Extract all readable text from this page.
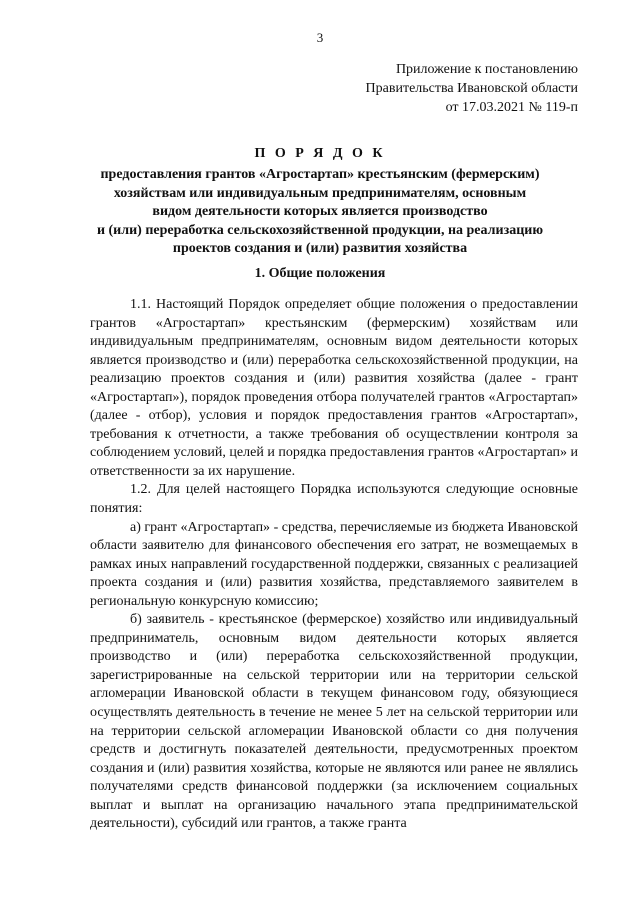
3
Приложение к постановлению
Правительства Ивановской области
от 17.03.2021 № 119-п
П О Р Я Д О К
предоставления грантов «Агростартап» крестьянским (фермерским)
хозяйствам или индивидуальным предпринимателям, основным
видом деятельности которых является производство
и (или) переработка сельскохозяйственной продукции, на реализацию
проектов создания и (или) развития хозяйства
1. Общие положения

1.1. Настоящий Порядок определяет общие положения о предоставлении грантов «Агростартап» крестьянским (фермерским) хозяйствам или индивидуальным предпринимателям, основным видом деятельности которых является производство и (или) переработка сельскохозяйственной продукции, на реализацию проектов создания и (или) развития хозяйства (далее - грант «Агростартап»), порядок проведения отбора получателей грантов «Агростартап» (далее - отбор), условия и порядок предоставления грантов «Агростартап», требования к отчетности, а также требования об осуществлении контроля за соблюдением условий, целей и порядка предоставления грантов «Агростартап» и ответственности за их нарушение.

1.2. Для целей настоящего Порядка используются следующие основные понятия:

а) грант «Агростартап» - средства, перечисляемые из бюджета Ивановской области заявителю для финансового обеспечения его затрат, не возмещаемых в рамках иных направлений государственной поддержки, связанных с реализацией проекта создания и (или) развития хозяйства, представляемого заявителем в региональную конкурсную комиссию;

б) заявитель - крестьянское (фермерское) хозяйство или индивидуальный предприниматель, основным видом деятельности которых является производство и (или) переработка сельскохозяйственной продукции, зарегистрированные на сельской территории или на территории сельской агломерации Ивановской области в текущем финансовом году, обязующиеся осуществлять деятельность в течение не менее 5 лет на сельской территории или на территории сельской агломерации Ивановской области со дня получения средств и достигнуть показателей деятельности, предусмотренных проектом создания и (или) развития хозяйства, которые не являются или ранее не являлись получателями средств финансовой поддержки (за исключением социальных выплат и выплат на организацию начального этапа предпринимательской деятельности), субсидий или грантов, а также гранта
